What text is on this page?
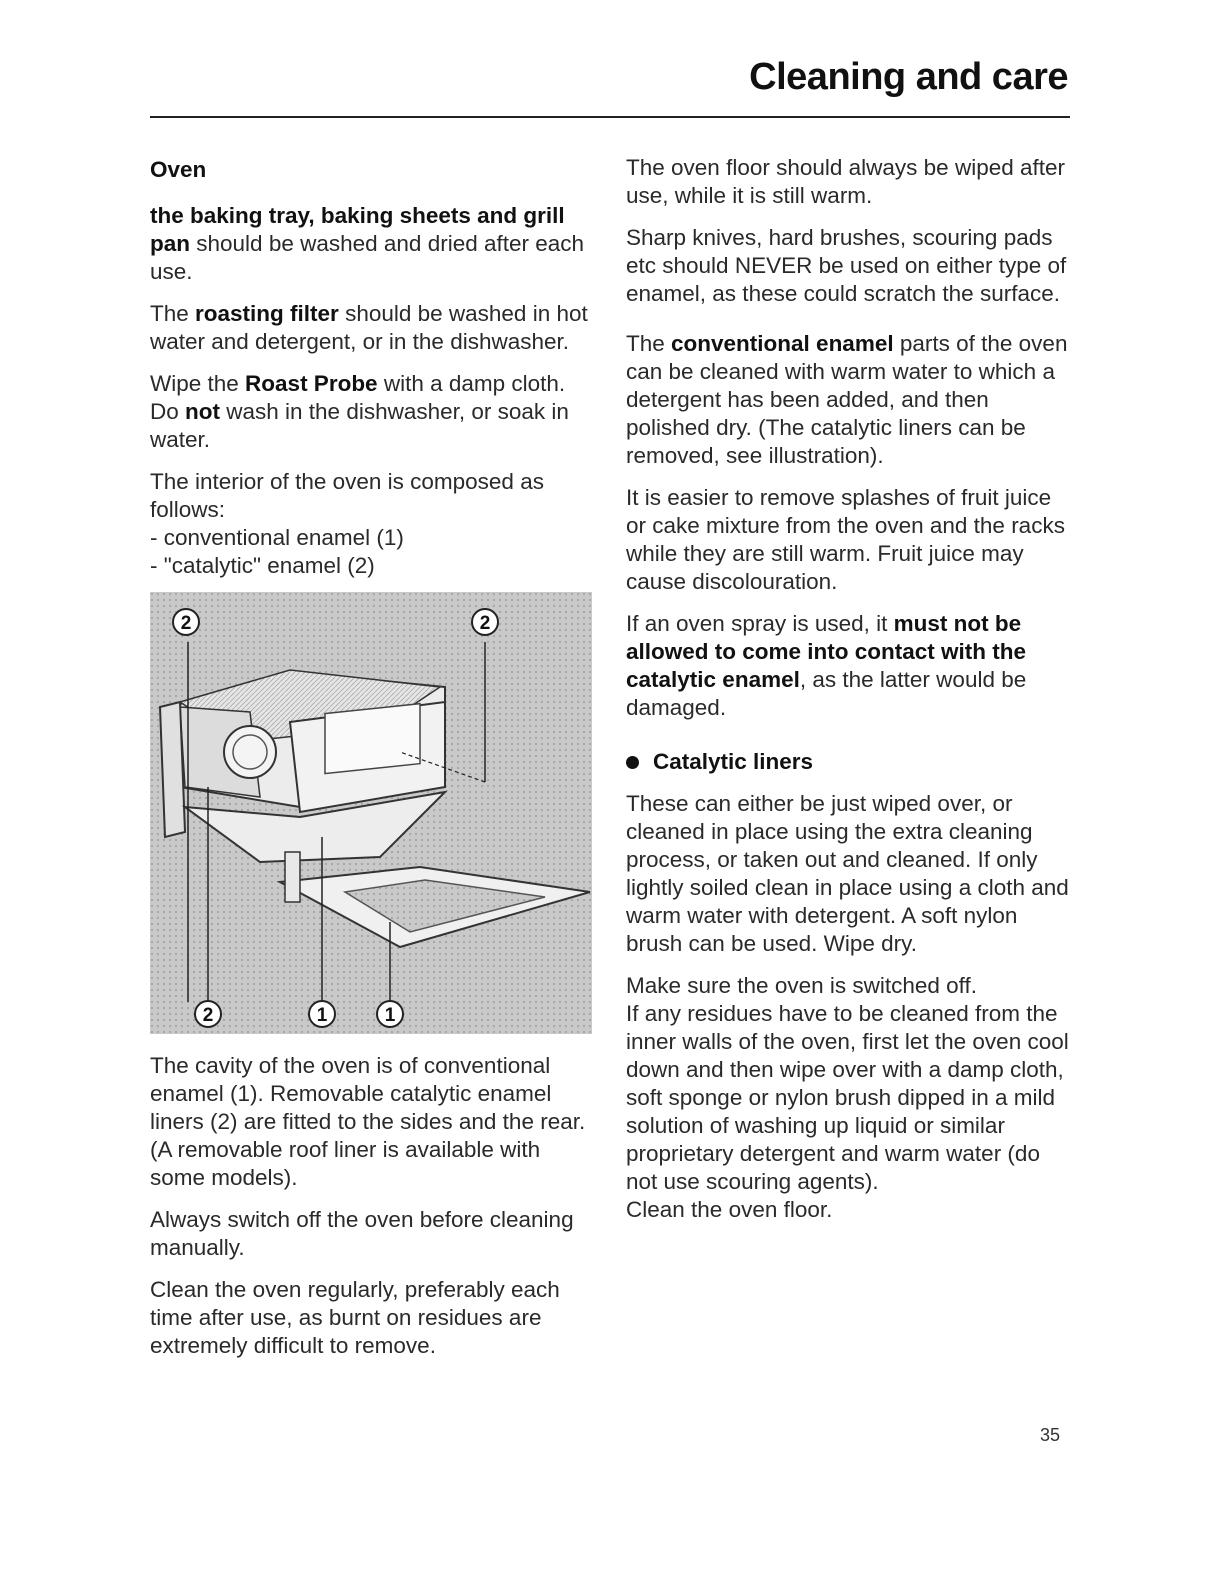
Cleaning and care
Oven

the baking tray, baking sheets and grill pan should be washed and dried after each use.

The roasting filter should be washed in hot water and detergent, or in the dishwasher.

Wipe the Roast Probe with a damp cloth. Do not wash in the dishwasher, or soak in water.

The interior of the oven is composed as follows:

- conventional enamel (1)
- "catalytic" enamel (2)
2	2
2	1	1

The cavity of the oven is of conventional enamel (1). Removable catalytic enamel liners (2) are fitted to the sides and the rear. (A removable roof liner is available with some models).

Always switch off the oven before cleaning manually.

Clean the oven regularly, preferably each time after use, as burnt on residues are extremely difficult to remove.

The oven floor should always be wiped after use, while it is still warm.

Sharp knives, hard brushes, scouring pads etc should NEVER be used on either type of enamel, as these could scratch the surface.

The conventional enamel parts of the oven can be cleaned with warm water to which a detergent has been added, and then polished dry. (The catalytic liners can be removed, see illustration).

It is easier to remove splashes of fruit juice or cake mixture from the oven and the racks while they are still warm. Fruit juice may cause discolouration.

If an oven spray is used, it must not be allowed to come into contact with the catalytic enamel, as the latter would be damaged.

Catalytic liners

These can either be just wiped over, or cleaned in place using the extra cleaning process, or taken out and cleaned. If only lightly soiled clean in place using a cloth and warm water with detergent. A soft nylon brush can be used. Wipe dry.

Make sure the oven is switched off.

If any residues have to be cleaned from the inner walls of the oven, first let the oven cool down and then wipe over with a damp cloth, soft sponge or nylon brush dipped in a mild solution of washing up liquid or similar proprietary detergent and warm water (do not use scouring agents).

Clean the oven floor.

35
